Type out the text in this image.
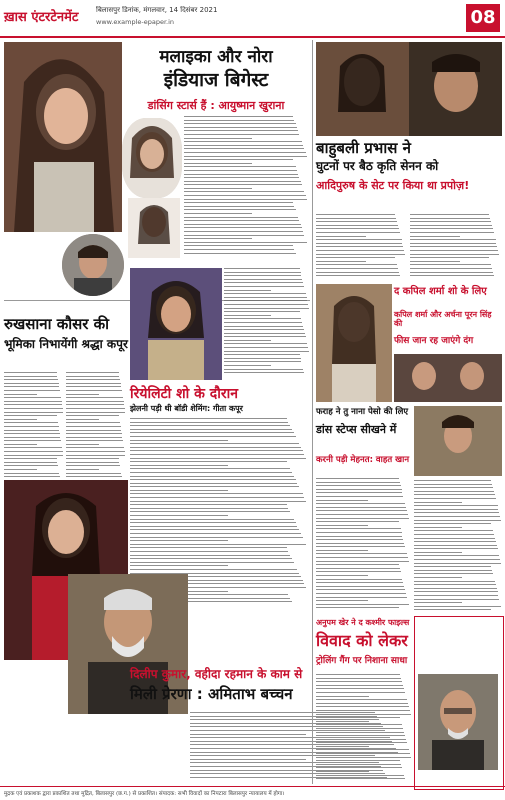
ख़ास एंटरटेनमेंट	बिलासपुर डिनांक, मंगलवार, 14 दिसंबर 2021
www.example-epaper.in	08
मलाइका और नोरा
इंडियाज बिगेस्ट
डांसिंग स्टार्स हैं : आयुष्मान खुराना
रुखसाना कौसर की
भूमिका निभायेंगी श्रद्धा कपूर
रियेलिटी शो के दौरान
झेलनी पड़ी थी बॉडी शेमिंग: गीता कपूर
दिलीप कुमार, वहीदा रहमान के काम से
मिली प्रेरणा : अमिताभ बच्चन
बाहुबली प्रभास ने
घुटनों पर बैठ कृति सेनन को
आदिपुरुष के सेट पर किया था प्रपोज़!
द कपिल शर्मा शो के लिए
कपिल शर्मा और अर्चना पूरन सिंह की
फीस जान रह जाएंगे दंग
फराह ने तु नाना पेसो की लिए
डांस स्टेप्स सीखने में
करनी पड़ी मेहनत: वाहत खान
अनुपम खेर ने द कश्मीर फाइल्स
विवाद को लेकर
ट्रोलिंग गैंग पर निशाना साधा
मुद्रक एवं प्रकाशक द्वारा प्रकाशित तथा मुद्रित, बिलासपुर (छ.ग.) से प्रकाशित। संपादक: सभी विवादों का निपटारा बिलासपुर न्यायालय में होगा।
